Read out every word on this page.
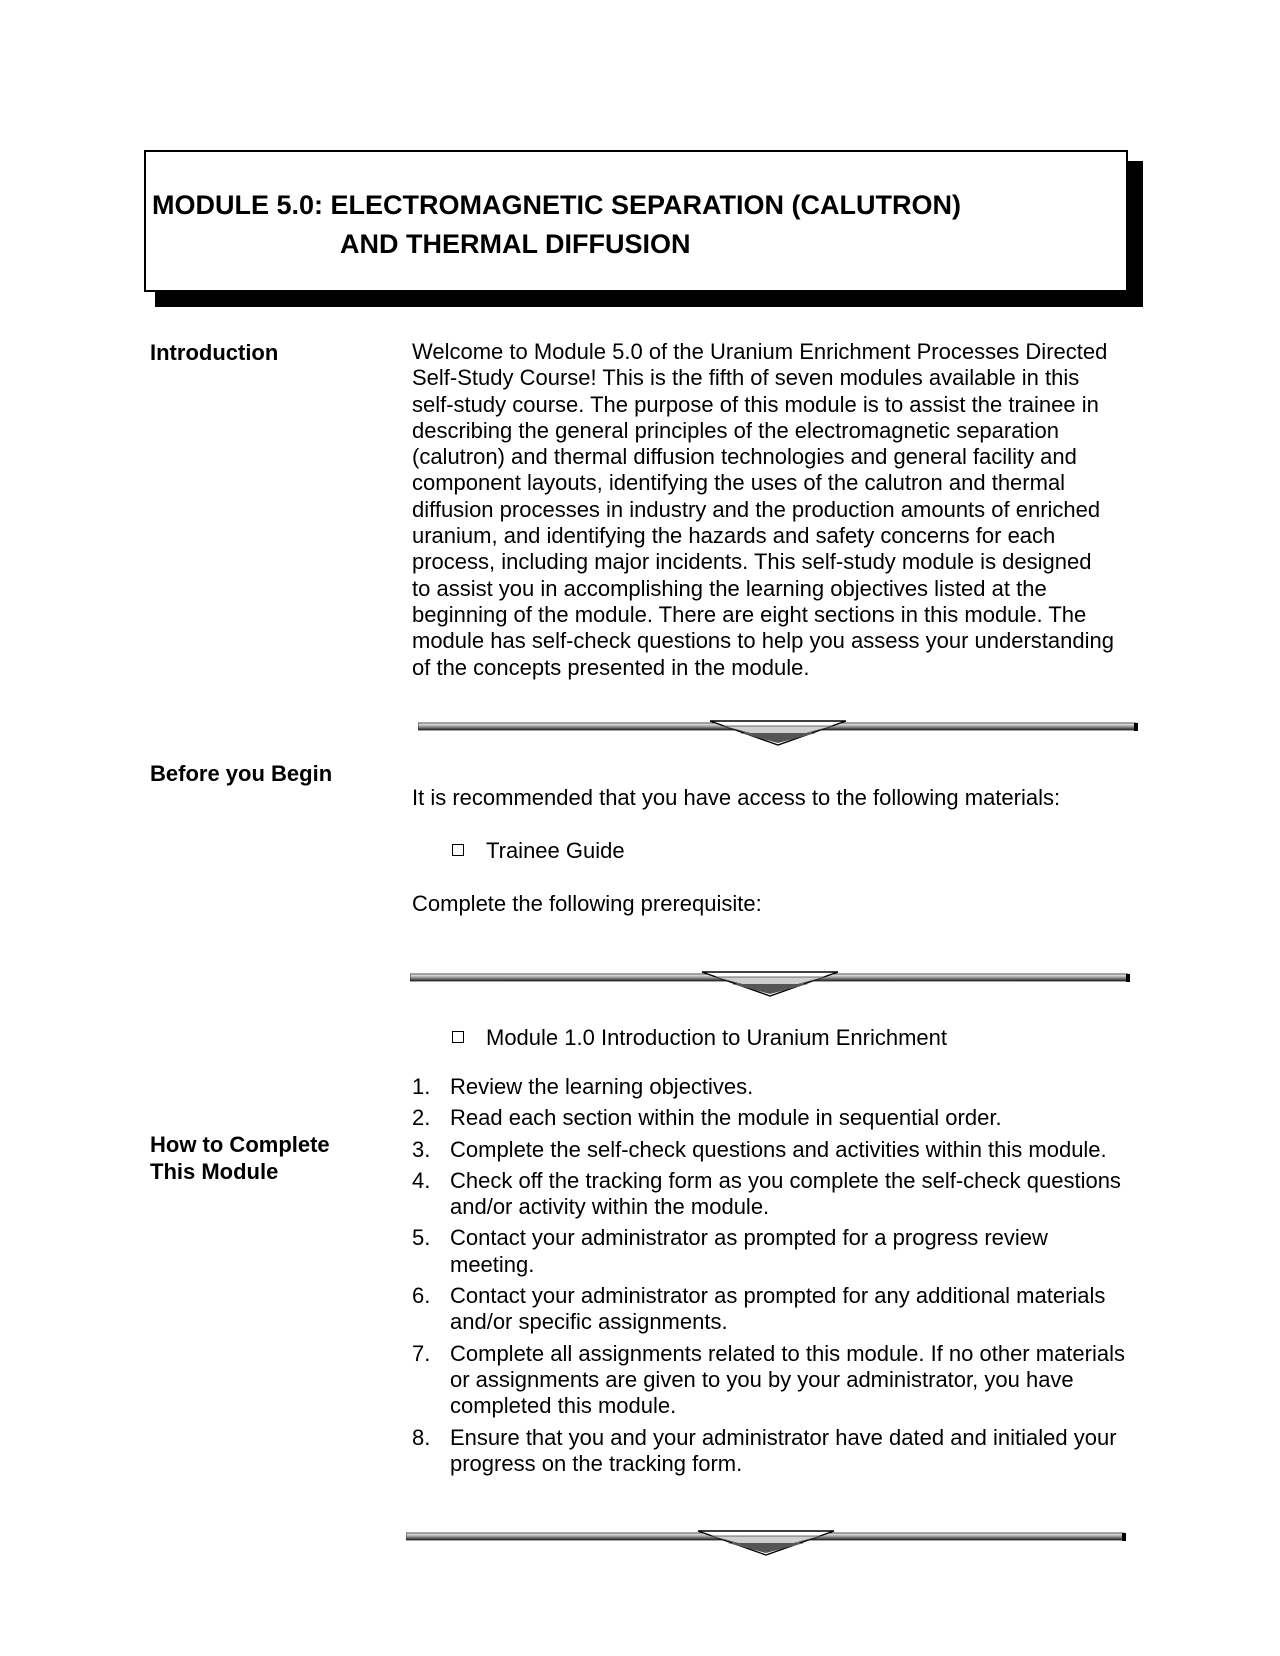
MODULE 5.0: ELECTROMAGNETIC SEPARATION (CALUTRON)
AND THERMAL DIFFUSION
Introduction	Welcome to Module 5.0 of the Uranium Enrichment Processes Directed Self-Study Course! This is the fifth of seven modules available in this self-study course. The purpose of this module is to assist the trainee in describing the general principles of the electromagnetic separation (calutron) and thermal diffusion technologies and general facility and component layouts, identifying the uses of the calutron and thermal diffusion processes in industry and the production amounts of enriched uranium, and identifying the hazards and safety concerns for each process, including major incidents. This self-study module is designed to assist you in accomplishing the learning objectives listed at the beginning of the module. There are eight sections in this module. The module has self-check questions to help you assess your understanding of the concepts presented in the module.
Before you Begin
It is recommended that you have access to the following materials:
Trainee Guide
Complete the following prerequisite:
Module 1.0 Introduction to Uranium Enrichment
How to Complete
This Module
1. Review the learning objectives.
2. Read each section within the module in sequential order.
3. Complete the self-check questions and activities within this module.
4. Check off the tracking form as you complete the self-check questions and/or activity within the module.
5. Contact your administrator as prompted for a progress review meeting.
6. Contact your administrator as prompted for any additional materials and/or specific assignments.
7. Complete all assignments related to this module. If no other materials or assignments are given to you by your administrator, you have completed this module.
8. Ensure that you and your administrator have dated and initialed your progress on the tracking form.
